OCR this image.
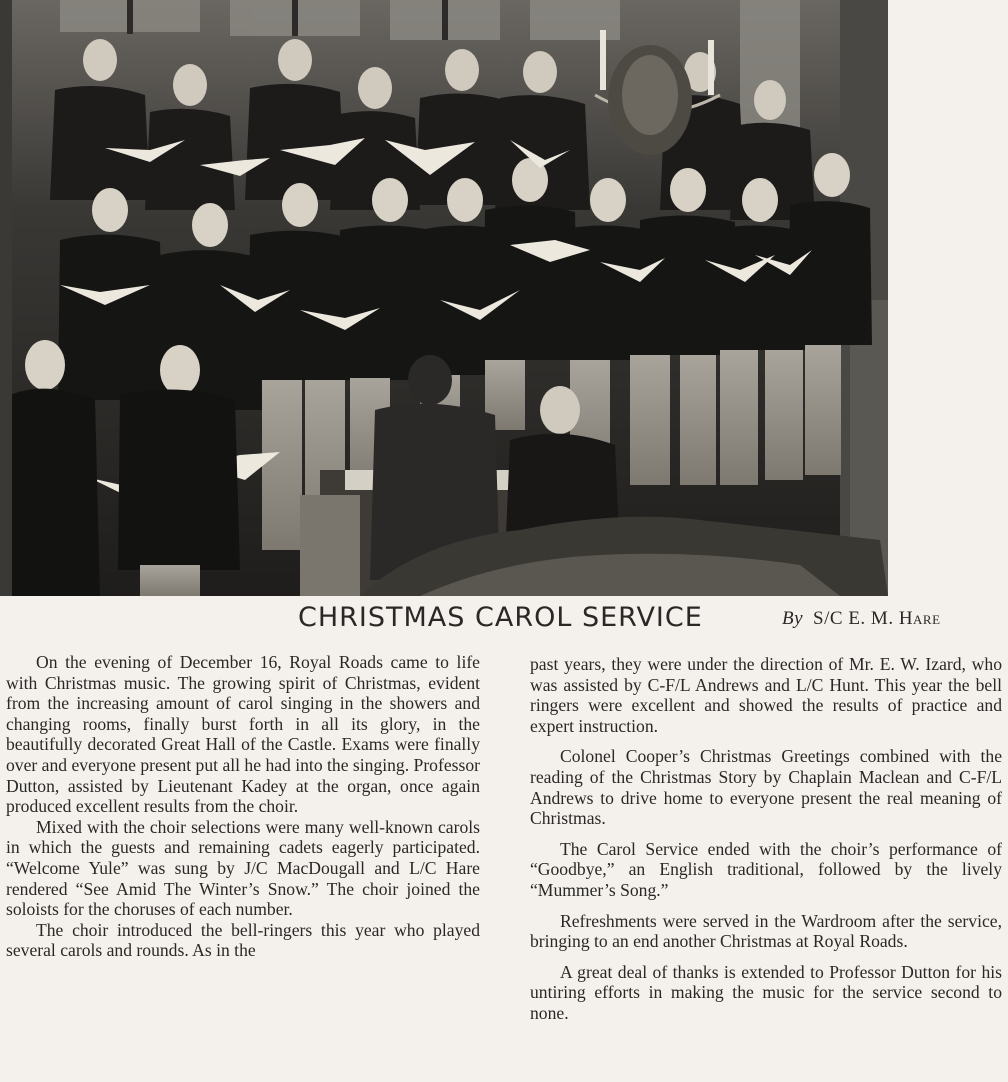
CHRISTMAS CAROL SERVICE	By S/C E. M. Hare

On the evening of December 16, Royal Roads came to life with Christmas music. The growing spirit of Christmas, evident from the increasing amount of carol singing in the showers and changing rooms, finally burst forth in all its glory, in the beautifully decorated Great Hall of the Castle. Exams were finally over and everyone present put all he had into the singing. Professor Dutton, assisted by Lieutenant Kadey at the organ, once again produced excellent results from the choir.

Mixed with the choir selections were many well-known carols in which the guests and remaining cadets eagerly participated. “Welcome Yule” was sung by J/C MacDougall and L/C Hare rendered “See Amid The Winter’s Snow.” The choir joined the soloists for the choruses of each number.

The choir introduced the bell-ringers this year who played several carols and rounds. As in the

past years, they were under the direction of Mr. E. W. Izard, who was assisted by C-F/L Andrews and L/C Hunt. This year the bell ringers were excellent and showed the results of practice and expert instruction.

Colonel Cooper’s Christmas Greetings combined with the reading of the Christmas Story by Chaplain Maclean and C-F/L Andrews to drive home to everyone present the real meaning of Christmas.

The Carol Service ended with the choir’s performance of “Goodbye,” an English traditional, followed by the lively “Mummer’s Song.”

Refreshments were served in the Wardroom after the service, bringing to an end another Christmas at Royal Roads.

A great deal of thanks is extended to Professor Dutton for his untiring efforts in making the music for the service second to none.
